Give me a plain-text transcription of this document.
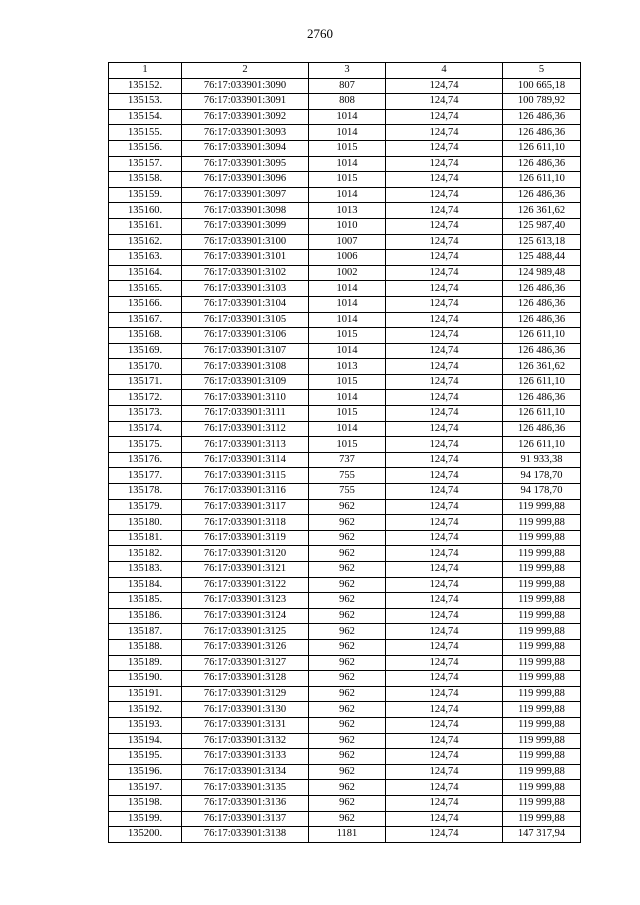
2760
1	2	3	4	5
135152.	76:17:033901:3090	807	124,74	100 665,18
135153.	76:17:033901:3091	808	124,74	100 789,92
135154.	76:17:033901:3092	1014	124,74	126 486,36
135155.	76:17:033901:3093	1014	124,74	126 486,36
135156.	76:17:033901:3094	1015	124,74	126 611,10
135157.	76:17:033901:3095	1014	124,74	126 486,36
135158.	76:17:033901:3096	1015	124,74	126 611,10
135159.	76:17:033901:3097	1014	124,74	126 486,36
135160.	76:17:033901:3098	1013	124,74	126 361,62
135161.	76:17:033901:3099	1010	124,74	125 987,40
135162.	76:17:033901:3100	1007	124,74	125 613,18
135163.	76:17:033901:3101	1006	124,74	125 488,44
135164.	76:17:033901:3102	1002	124,74	124 989,48
135165.	76:17:033901:3103	1014	124,74	126 486,36
135166.	76:17:033901:3104	1014	124,74	126 486,36
135167.	76:17:033901:3105	1014	124,74	126 486,36
135168.	76:17:033901:3106	1015	124,74	126 611,10
135169.	76:17:033901:3107	1014	124,74	126 486,36
135170.	76:17:033901:3108	1013	124,74	126 361,62
135171.	76:17:033901:3109	1015	124,74	126 611,10
135172.	76:17:033901:3110	1014	124,74	126 486,36
135173.	76:17:033901:3111	1015	124,74	126 611,10
135174.	76:17:033901:3112	1014	124,74	126 486,36
135175.	76:17:033901:3113	1015	124,74	126 611,10
135176.	76:17:033901:3114	737	124,74	91 933,38
135177.	76:17:033901:3115	755	124,74	94 178,70
135178.	76:17:033901:3116	755	124,74	94 178,70
135179.	76:17:033901:3117	962	124,74	119 999,88
135180.	76:17:033901:3118	962	124,74	119 999,88
135181.	76:17:033901:3119	962	124,74	119 999,88
135182.	76:17:033901:3120	962	124,74	119 999,88
135183.	76:17:033901:3121	962	124,74	119 999,88
135184.	76:17:033901:3122	962	124,74	119 999,88
135185.	76:17:033901:3123	962	124,74	119 999,88
135186.	76:17:033901:3124	962	124,74	119 999,88
135187.	76:17:033901:3125	962	124,74	119 999,88
135188.	76:17:033901:3126	962	124,74	119 999,88
135189.	76:17:033901:3127	962	124,74	119 999,88
135190.	76:17:033901:3128	962	124,74	119 999,88
135191.	76:17:033901:3129	962	124,74	119 999,88
135192.	76:17:033901:3130	962	124,74	119 999,88
135193.	76:17:033901:3131	962	124,74	119 999,88
135194.	76:17:033901:3132	962	124,74	119 999,88
135195.	76:17:033901:3133	962	124,74	119 999,88
135196.	76:17:033901:3134	962	124,74	119 999,88
135197.	76:17:033901:3135	962	124,74	119 999,88
135198.	76:17:033901:3136	962	124,74	119 999,88
135199.	76:17:033901:3137	962	124,74	119 999,88
135200.	76:17:033901:3138	1181	124,74	147 317,94
